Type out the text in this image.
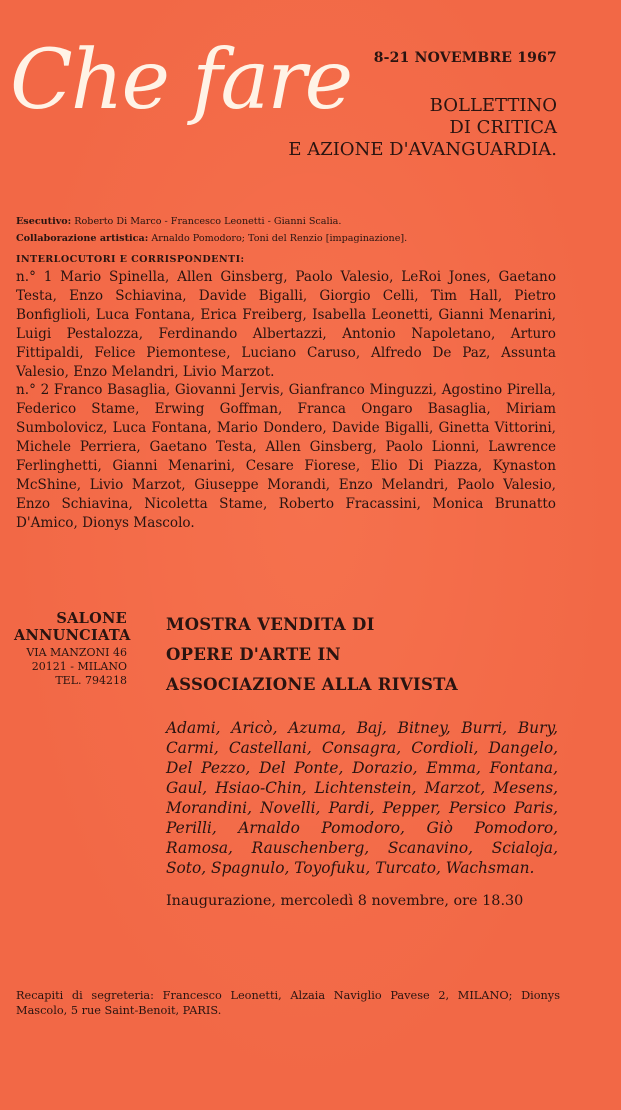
Che fare 8-21 NOVEMBRE 1967
BOLLETTINO
DI CRITICA
E AZIONE D'AVANGUARDIA.
Esecutivo: Roberto Di Marco - Francesco Leonetti - Gianni Scalia.
Collaborazione artistica: Arnaldo Pomodoro; Toni del Renzio [impaginazione].
INTERLOCUTORI E CORRISPONDENTI:

n.° 1 Mario Spinella, Allen Ginsberg, Paolo Valesio, LeRoi Jones, Gaetano Testa, Enzo Schiavina, Davide Bigalli, Giorgio Celli, Tim Hall, Pietro Bonfiglioli, Luca Fontana, Erica Freiberg, Isabella Leonetti, Gianni Menarini, Luigi Pestalozza, Ferdinando Albertazzi, Antonio Napoletano, Arturo Fittipaldi, Felice Piemontese, Luciano Caruso, Alfredo De Paz, Assunta Valesio, Enzo Melandri, Livio Marzot.

n.° 2 Franco Basaglia, Giovanni Jervis, Gianfranco Minguzzi, Agostino Pirella, Federico Stame, Erwing Goffman, Franca Ongaro Basaglia, Miriam Sumbolovicz, Luca Fontana, Mario Dondero, Davide Bigalli, Ginetta Vittorini, Michele Perriera, Gaetano Testa, Allen Ginsberg, Paolo Lionni, Lawrence Ferlinghetti, Gianni Menarini, Cesare Fiorese, Elio Di Piazza, Kynaston McShine, Livio Marzot, Giuseppe Morandi, Enzo Melandri, Paolo Valesio, Enzo Schiavina, Nicoletta Stame, Roberto Fracassini, Monica Brunatto D'Amico, Dionys Mascolo.

SALONE
ANNUNCIATA
VIA MANZONI 46
20121 - MILANO
TEL. 794218
MOSTRA VENDITA DI
OPERE D'ARTE IN
ASSOCIAZIONE ALLA RIVISTA
Adami, Aricò, Azuma, Baj, Bitney, Burri, Bury, Carmi, Castellani, Consagra, Cordioli, Dangelo, Del Pezzo, Del Ponte, Dorazio, Emma, Fontana, Gaul, Hsiao-Chin, Lichtenstein, Marzot, Mesens, Morandini, Novelli, Pardi, Pepper, Persico Paris, Perilli, Arnaldo Pomodoro, Giò Pomodoro, Ramosa, Rauschenberg, Scanavino, Scialoja, Soto, Spagnulo, Toyofuku, Turcato, Wachsman.
Inaugurazione, mercoledì 8 novembre, ore 18.30
Recapiti di segreteria: Francesco Leonetti, Alzaia Naviglio Pavese 2, MILANO; Dionys Mascolo, 5 rue Saint-Benoit, PARIS.
